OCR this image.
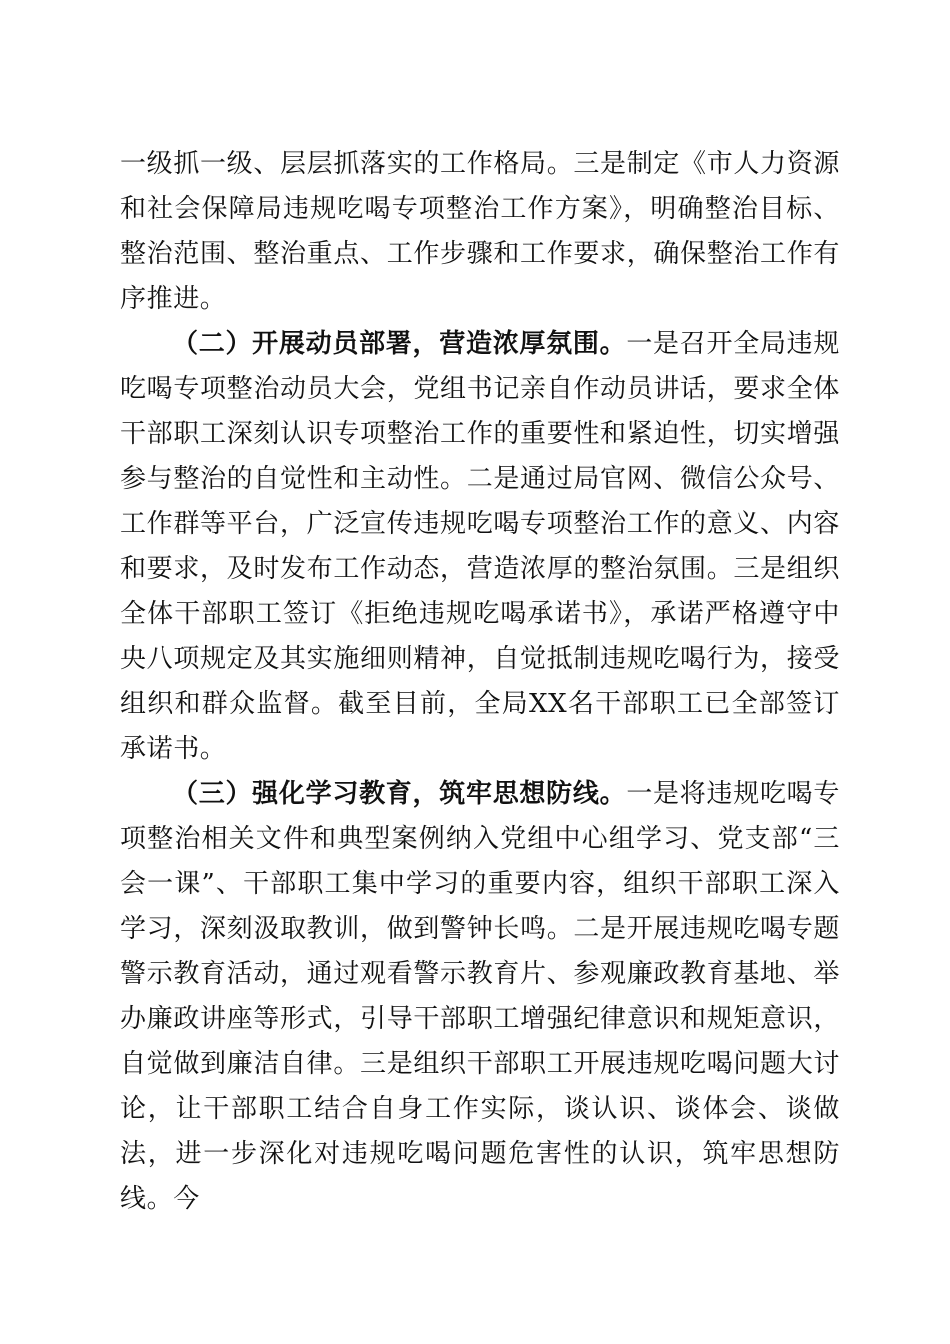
一级抓一级、层层抓落实的工作格局。三是制定《市人力资源和社会保障局违规吃喝专项整治工作方案》，明确整治目标、整治范围、整治重点、工作步骤和工作要求，确保整治工作有序推进。

（二）开展动员部署，营造浓厚氛围。一是召开全局违规吃喝专项整治动员大会，党组书记亲自作动员讲话，要求全体干部职工深刻认识专项整治工作的重要性和紧迫性，切实增强参与整治的自觉性和主动性。二是通过局官网、微信公众号、工作群等平台，广泛宣传违规吃喝专项整治工作的意义、内容和要求，及时发布工作动态，营造浓厚的整治氛围。三是组织全体干部职工签订《拒绝违规吃喝承诺书》，承诺严格遵守中央八项规定及其实施细则精神，自觉抵制违规吃喝行为，接受组织和群众监督。截至目前，全局XX名干部职工已全部签订承诺书。

（三）强化学习教育，筑牢思想防线。一是将违规吃喝专项整治相关文件和典型案例纳入党组中心组学习、党支部“三会一课”、干部职工集中学习的重要内容，组织干部职工深入学习，深刻汲取教训，做到警钟长鸣。二是开展违规吃喝专题警示教育活动，通过观看警示教育片、参观廉政教育基地、举办廉政讲座等形式，引导干部职工增强纪律意识和规矩意识，自觉做到廉洁自律。三是组织干部职工开展违规吃喝问题大讨论，让干部职工结合自身工作实际，谈认识、谈体会、谈做法，进一步深化对违规吃喝问题危害性的认识，筑牢思想防线。今
